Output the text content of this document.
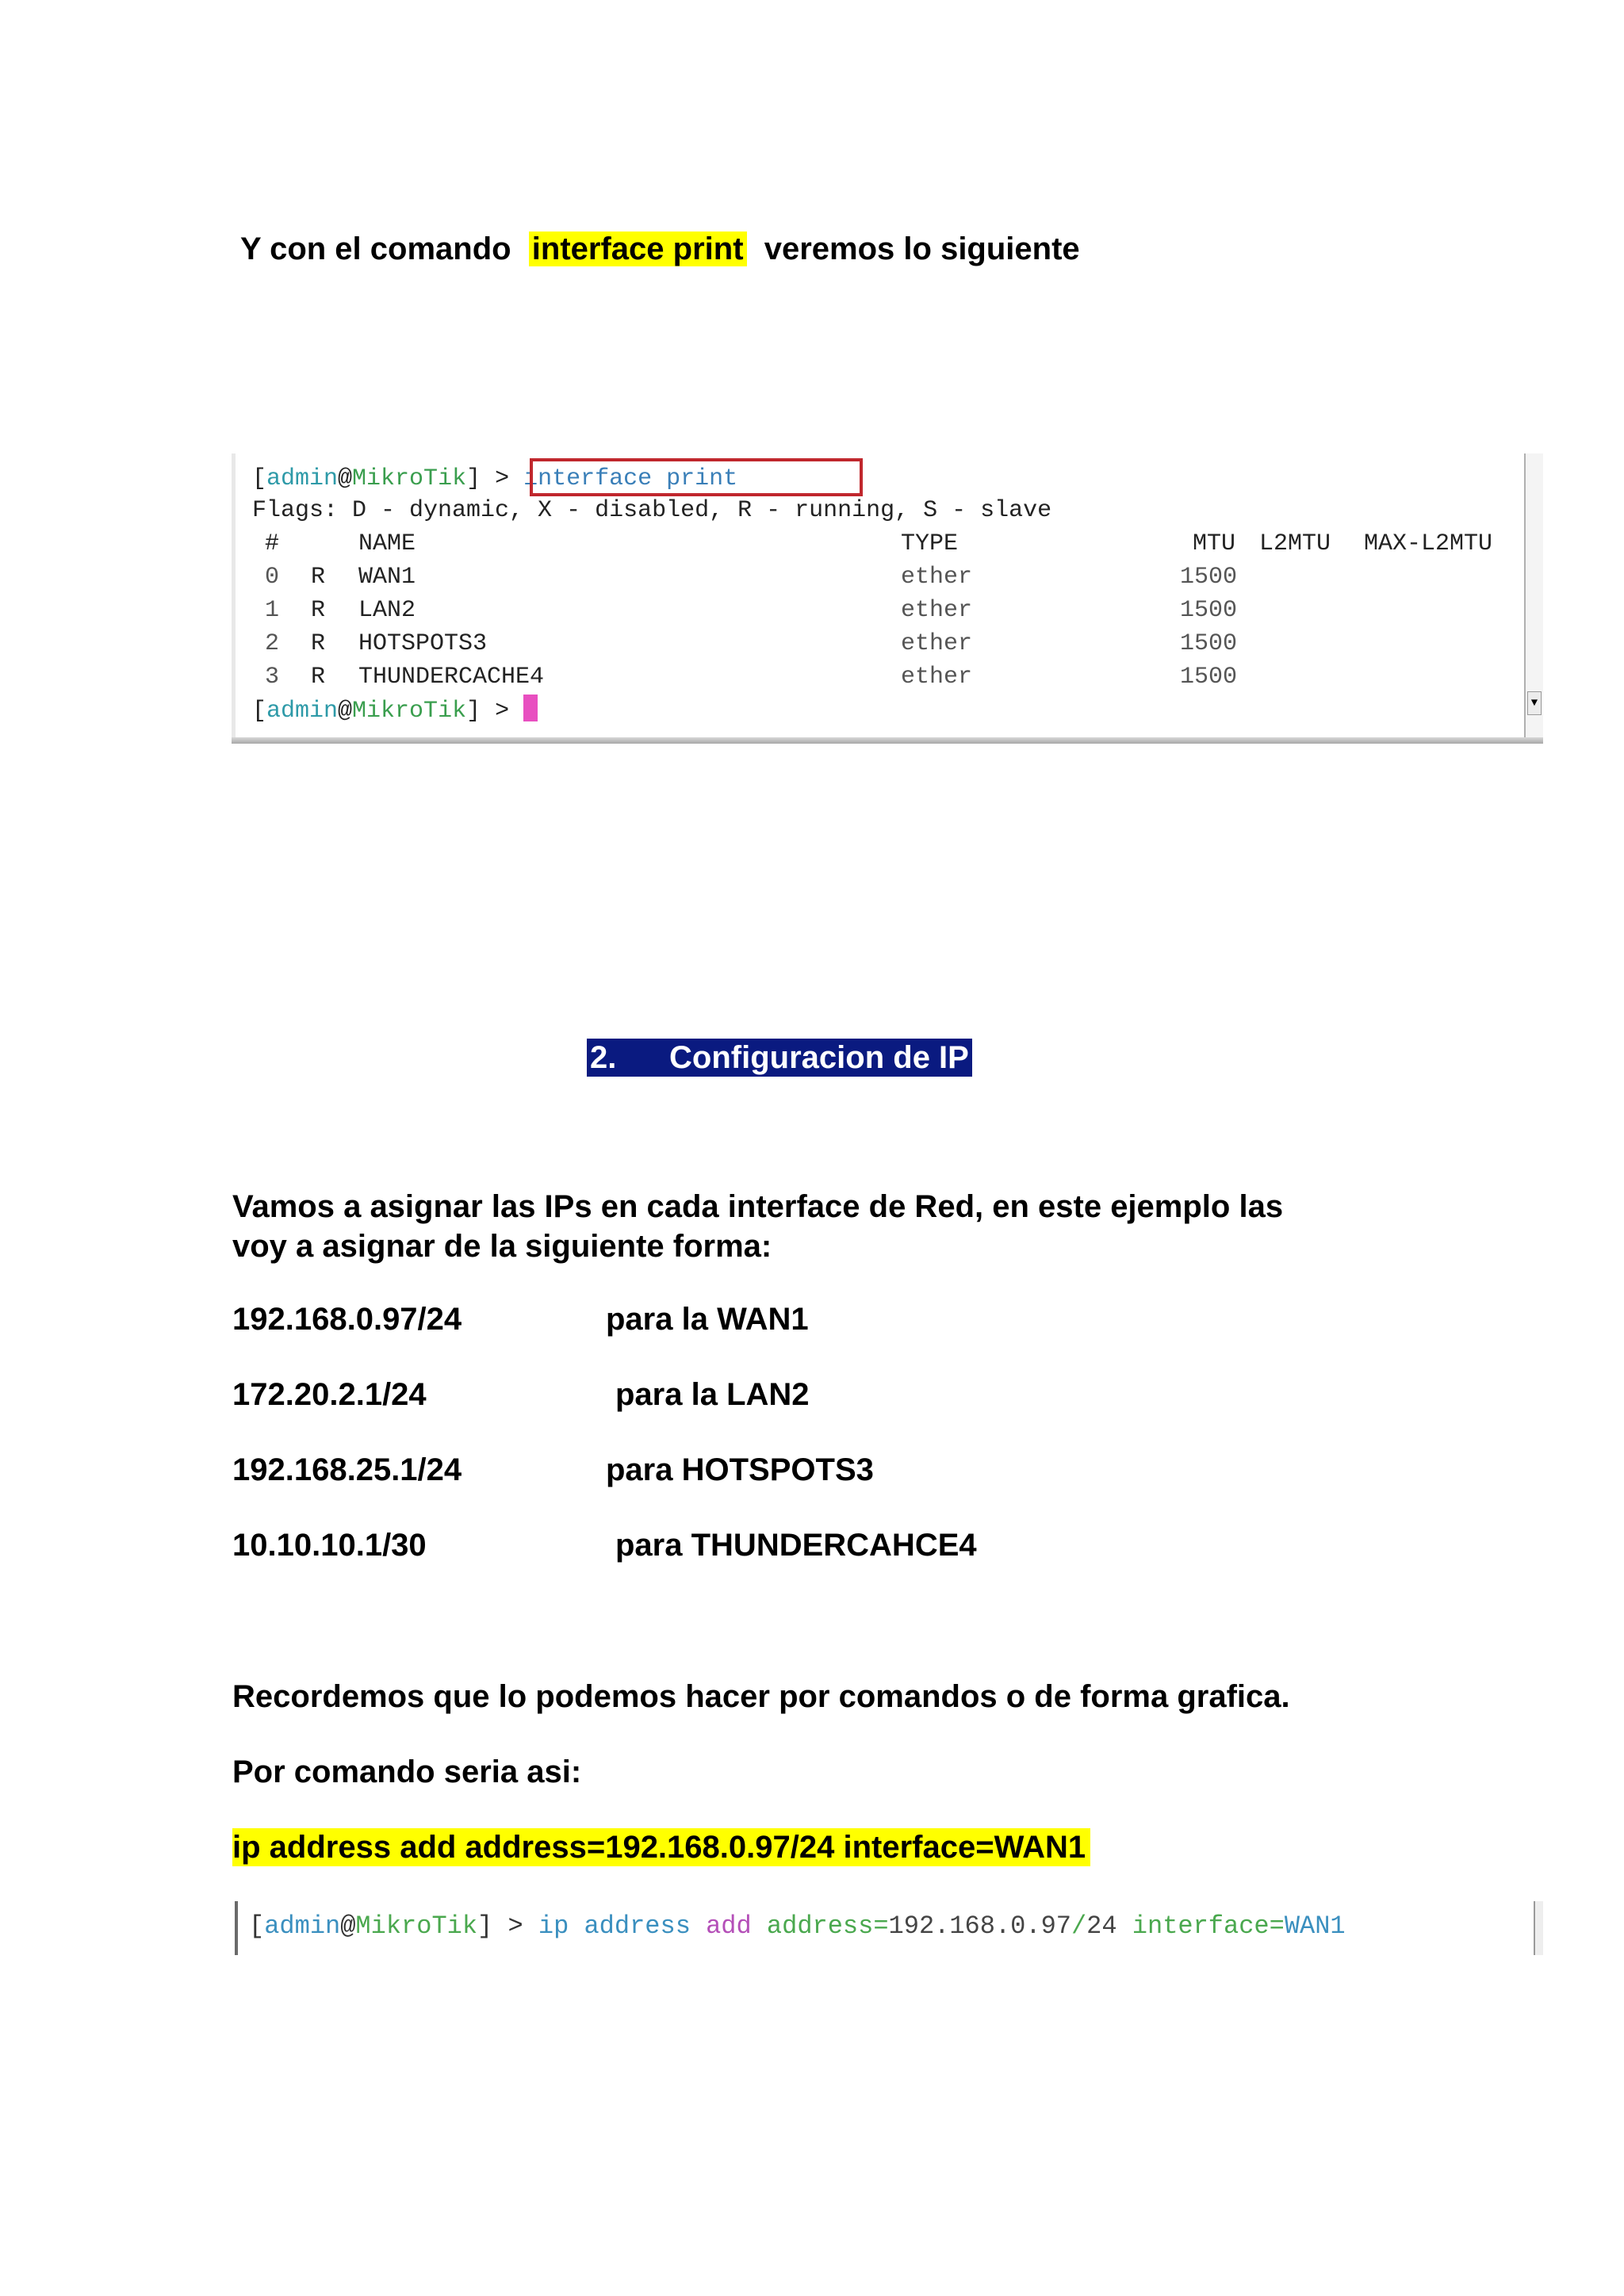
Y con el comando interface print veremos lo siguiente
[admin@MikroTik] > interface print
Flags: D - dynamic, X - disabled, R - running, S - slave
#	NAME	TYPE	MTU L2MTU MAX-L2MTU
0 R WAN1	ether	1500
1 R LAN2	ether	1500
2 R HOTSPOTS3	ether	1500
3 R THUNDERCACHE4	ether	1500
[admin@MikroTik] >	▼
2. Configuracion de IP
Vamos a asignar las IPs en cada interface de Red, en este ejemplo las
voy a asignar de la siguiente forma:
192.168.0.97/24	para la WAN1
172.20.2.1/24	para la LAN2
192.168.25.1/24	para HOTSPOTS3
10.10.10.1/30	para THUNDERCAHCE4
Recordemos que lo podemos hacer por comandos o de forma grafica.
Por comando seria asi:
ip address add address=192.168.0.97/24 interface=WAN1
[admin@MikroTik] > ip address add address=192.168.0.97/24 interface=WAN1
